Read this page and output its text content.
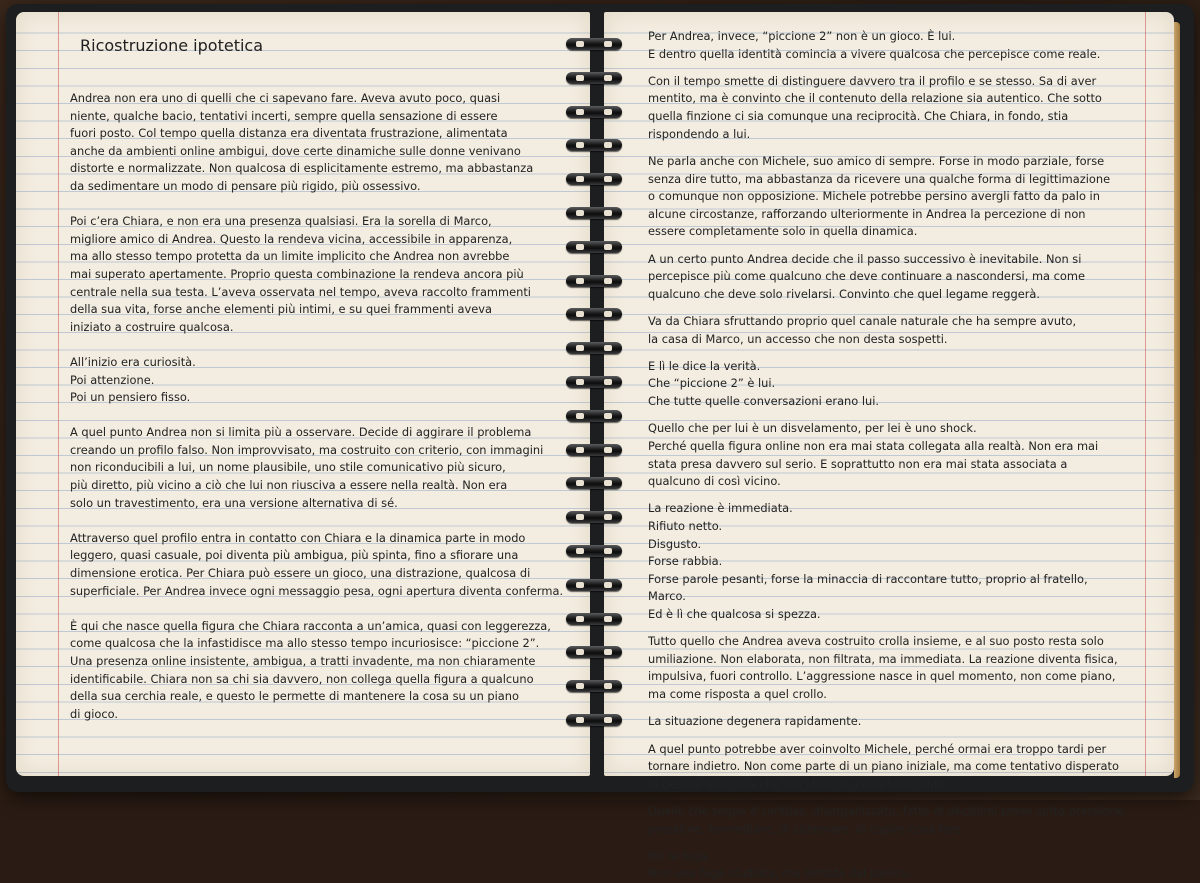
Ricostruzione ipotetica
Andrea non era uno di quelli che ci sapevano fare. Aveva avuto poco, quasi
niente, qualche bacio, tentativi incerti, sempre quella sensazione di essere
fuori posto. Col tempo quella distanza era diventata frustrazione, alimentata
anche da ambienti online ambigui, dove certe dinamiche sulle donne venivano
distorte e normalizzate. Non qualcosa di esplicitamente estremo, ma abbastanza
da sedimentare un modo di pensare più rigido, più ossessivo.
Poi c’era Chiara, e non era una presenza qualsiasi. Era la sorella di Marco,
migliore amico di Andrea. Questo la rendeva vicina, accessibile in apparenza,
ma allo stesso tempo protetta da un limite implicito che Andrea non avrebbe
mai superato apertamente. Proprio questa combinazione la rendeva ancora più
centrale nella sua testa. L’aveva osservata nel tempo, aveva raccolto frammenti
della sua vita, forse anche elementi più intimi, e su quei frammenti aveva
iniziato a costruire qualcosa.
All’inizio era curiosità.
Poi attenzione.
Poi un pensiero fisso.
A quel punto Andrea non si limita più a osservare. Decide di aggirare il problema
creando un profilo falso. Non improvvisato, ma costruito con criterio, con immagini
non riconducibili a lui, un nome plausibile, uno stile comunicativo più sicuro,
più diretto, più vicino a ciò che lui non riusciva a essere nella realtà. Non era
solo un travestimento, era una versione alternativa di sé.
Attraverso quel profilo entra in contatto con Chiara e la dinamica parte in modo
leggero, quasi casuale, poi diventa più ambigua, più spinta, fino a sfiorare una
dimensione erotica. Per Chiara può essere un gioco, una distrazione, qualcosa di
superficiale. Per Andrea invece ogni messaggio pesa, ogni apertura diventa conferma.
È qui che nasce quella figura che Chiara racconta a un’amica, quasi con leggerezza,
come qualcosa che la infastidisce ma allo stesso tempo incuriosisce: “piccione 2”.
Una presenza online insistente, ambigua, a tratti invadente, ma non chiaramente
identificabile. Chiara non sa chi sia davvero, non collega quella figura a qualcuno
della sua cerchia reale, e questo le permette di mantenere la cosa su un piano
di gioco.
Per Andrea, invece, “piccione 2” non è un gioco. È lui.
E dentro quella identità comincia a vivere qualcosa che percepisce come reale.
Con il tempo smette di distinguere davvero tra il profilo e se stesso. Sa di aver
mentito, ma è convinto che il contenuto della relazione sia autentico. Che sotto
quella finzione ci sia comunque una reciprocità. Che Chiara, in fondo, stia
rispondendo a lui.
Ne parla anche con Michele, suo amico di sempre. Forse in modo parziale, forse
senza dire tutto, ma abbastanza da ricevere una qualche forma di legittimazione
o comunque non opposizione. Michele potrebbe persino avergli fatto da palo in
alcune circostanze, rafforzando ulteriormente in Andrea la percezione di non
essere completamente solo in quella dinamica.
A un certo punto Andrea decide che il passo successivo è inevitabile. Non si
percepisce più come qualcuno che deve continuare a nascondersi, ma come
qualcuno che deve solo rivelarsi. Convinto che quel legame reggerà.
Va da Chiara sfruttando proprio quel canale naturale che ha sempre avuto,
la casa di Marco, un accesso che non desta sospetti.
E lì le dice la verità.
Che “piccione 2” è lui.
Che tutte quelle conversazioni erano lui.
Quello che per lui è un disvelamento, per lei è uno shock.
Perché quella figura online non era mai stata collegata alla realtà. Non era mai
stata presa davvero sul serio. E soprattutto non era mai stata associata a
qualcuno di così vicino.
La reazione è immediata.
Rifiuto netto.
Disgusto.
Forse rabbia.
Forse parole pesanti, forse la minaccia di raccontare tutto, proprio al fratello,
Marco.
Ed è lì che qualcosa si spezza.
Tutto quello che Andrea aveva costruito crolla insieme, e al suo posto resta solo
umiliazione. Non elaborata, non filtrata, ma immediata. La reazione diventa fisica,
impulsiva, fuori controllo. L’aggressione nasce in quel momento, non come piano,
ma come risposta a quel crollo.
La situazione degenera rapidamente.
A quel punto potrebbe aver coinvolto Michele, perché ormai era troppo tardi per
tornare indietro. Non come parte di un piano iniziale, ma come tentativo disperato
di gestire qualcosa che era sfuggito completamente.
Quello che segue è confuso, disorganizzato, fatto di decisioni prese sotto pressione,
presatine, termediare, di sistemare, di capire cosa fare.
Poi la fuga.
Non una fuga studiata, ma dettata dal panico.
